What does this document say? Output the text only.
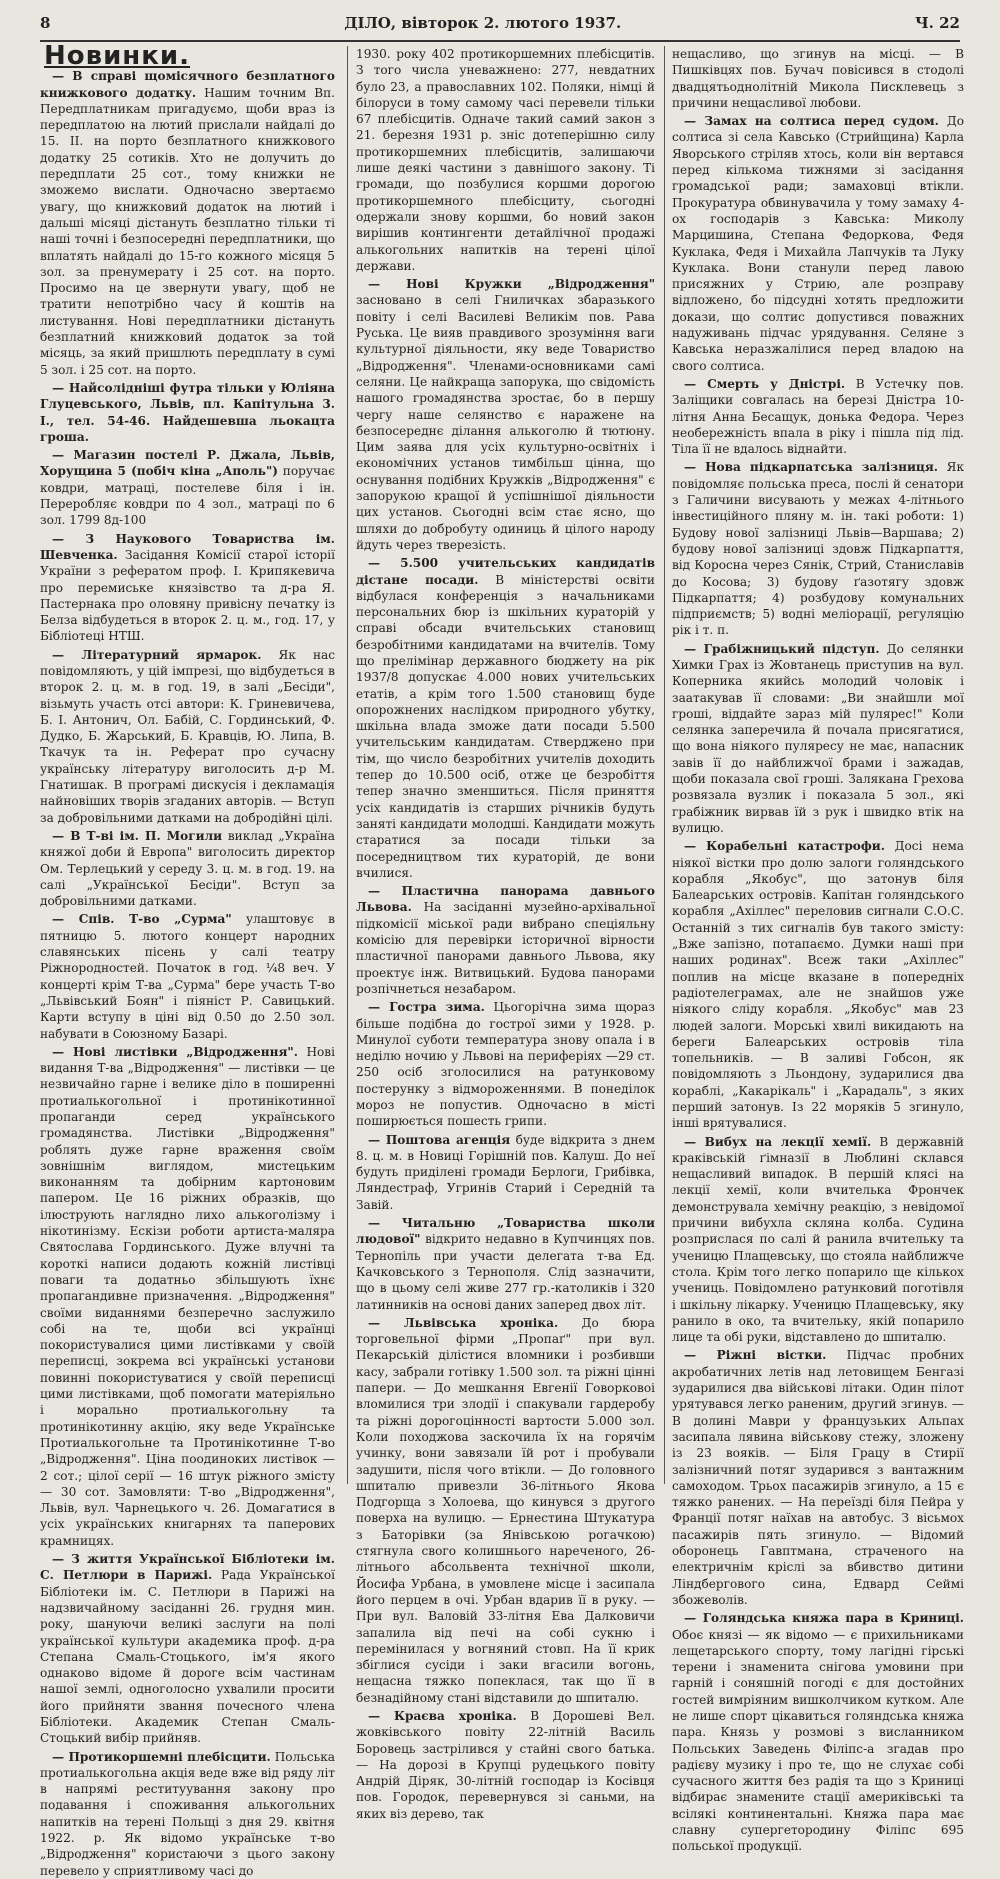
8	ДІЛО, вівторок 2. лютого 1937.	Ч. 22
Новинки.

— В справі щомісячного безплатного книжкового додатку. Нашим точним Вп. Передплатникам пригадуємо, щоби враз із передплатою на лютий прислали найдалі до 15. II. на порто безплатного книжкового додатку 25 сотиків. Хто не долучить до передплати 25 сот., тому книжки не зможемо вислати. Одночасно звертаємо увагу, що книжковий додаток на лютий і дальші місяці дістануть безплатно тільки ті наші точні і безпосередні передплатники, що вплатять найдалі до 15-го кожного місяця 5 зол. за пренумерату і 25 сот. на порто. Просимо на це звернути увагу, щоб не тратити непотрібно часу й коштів на листування. Нові передплатники дістануть безплатний книжковий додаток за той місяць, за який пришлють передплату в сумі 5 зол. і 25 сот. на порто.

— Найсолідніші футра тільки у Юліяна Глуцевського, Львів, пл. Капітульна 3. I., тел. 54-46. Найдешевша льокацта гроша.

— Магазин постелі Р. Джала, Львів, Хорущина 5 (побіч кіна „Аполь") поручає ковдри, матраці, постелеве біля і ін. Переробляє ковдри по 4 зол., матраці по 6 зол. 1799 8д-100

— З Наукового Товариства ім. Шевченка. Засідання Комісії старої історії України з рефератом проф. І. Крипякевича про перемиське князівство та д-ра Я. Пастернака про оловяну привісну печатку із Белза відбудеться в второк 2. ц. м., год. 17, у Бібліотеці НТШ.

— Літературний ярмарок. Як нас повідомляють, у цій імпрезі, що відбудеться в второк 2. ц. м. в год. 19, в залі „Бесіди", візьмуть участь отсі автори: К. Гриневичева, Б. І. Антонич, Ол. Бабій, С. Гординський, Ф. Дудко, Б. Жарський, Б. Кравців, Ю. Липа, В. Ткачук та ін. Реферат про сучасну українську літературу виголосить д-р М. Гнатишак. В програмі дискусія і декламація найновіших творів згаданих авторів. — Вступ за добровільними датками на добродійні цілі.

— В Т-ві ім. П. Могили виклад „Україна княжої доби й Европа" виголосить директор Ом. Терлецький у середу 3. ц. м. в год. 19. на салі „Української Бесіди". Вступ за добровільними датками.

— Спів. Т-во „Сурма" улаштовує в пятницю 5. лютого концерт народних славянських пісень у салі театру Ріжнородностей. Початок в год. ¼8 веч. У концерті крім Т-ва „Сурма" бере участь Т-во „Львівський Боян" і піяніст Р. Савицький. Карти вступу в ціні від 0.50 до 2.50 зол. набувати в Союзному Базарі.

— Нові листівки „Відродження". Нові видання Т-ва „Відродження" — листівки — це незвичайно гарне і велике діло в поширенні протиалькогольної і протинікотинної пропаганди серед українського громадянства. Листівки „Відродження" роблять дуже гарне враження своїм зовнішнім виглядом, мистецьким виконанням та добірним картоновим папером. Це 16 ріжних образків, що ілюструють наглядно лихо алькоголізму і нікотинізму. Ескізи роботи артиста-маляра Святослава Гординського. Дуже влучні та короткі написи додають кожній листівці поваги та додатньо збільшують їхнє пропагандивне призначення. „Відродження" своїми виданнями безперечно заслужило собі на те, щоби всі українці покористувалися цими листівками у своїй переписці, зокрема всі українські установи повинні покористуватися у своїй переписці цими листівками, щоб помогати матеріяльно і морально протиалькогольну та протинікотинну акцію, яку веде Українське Протиалькогольне та Протинікотинне Т-во „Відродження". Ціна поодиноких листівок — 2 сот.; цілої серії — 16 штук ріжного змісту — 30 сот. Замовляти: Т-во „Відродження", Львів, вул. Чарнецького ч. 26. Домагатися в усіх українських книгарнях та паперових крамницях.

— З життя Української Бібліотеки ім. С. Петлюри в Парижі. Рада Української Бібліотеки ім. С. Петлюри в Парижі на надзвичайному засіданні 26. грудня мин. року, шануючи великі заслуги на полі української культури академика проф. д-ра Степана Смаль-Стоцького, ім'я якого однаково відоме й дороге всім частинам нашої землі, одноголосно ухвалили просити його прийняти звання почесного члена Бібліотеки. Академик Степан Смаль-Стоцький вибір прийняв.

— Протикоршемні плебісцити. Польська протиалькогольна акція веде вже від ряду літ в напрямі реституування закону про подавання і споживання алькогольних напитків на терені Польщі з дня 29. квітня 1922. р. Як відомо українське т-во „Відродження" користаючи з цього закону перевело у сприятливому часі до

1930. року 402 протикоршемних плебісцитів. З того числа уневажнено: 277, невдатних було 23, а православних 102. Поляки, німці й білоруси в тому самому часі перевели тільки 67 плебісцитів. Одначе такий самий закон з 21. березня 1931 р. зніс дотеперішню силу протикоршемних плебісцитів, залишаючи лише деякі частини з давнішого закону. Ті громади, що позбулися коршми дорогою протикоршемного плебісциту, сьогодні одержали знову коршми, бо новий закон вирішив контингенти детайлічної продажі алькогольних напитків на терені цілої держави.

— Нові Кружки „Відродження" засновано в селі Гниличках збаразького повіту і селі Василеві Великім пов. Рава Руська. Це вияв правдивого зрозуміння ваги культурної діяльности, яку веде Товариство „Відродження". Членами-основниками самі селяни. Це найкраща запорука, що свідомість нашого громадянства зростає, бо в першу чергу наше селянство є наражене на безпосереднє ділання алькоголю й тютюну. Цим заява для усіх культурно-освітніх і економічних установ тимбільш цінна, що оснування подібних Кружків „Відродження" є запорукою кращої й успішнішої діяльности цих установ. Сьогодні всім стає ясно, що шляхи до добробуту одиниць й цілого народу йдуть через тверезість.

— 5.500 учительських кандидатів дістане посади. В міністерстві освіти відбулася конференція з начальниками персональних бюр із шкільних кураторій у справі обсади вчительських становищ безробітними кандидатами на вчителів. Тому що прелімінар державного бюджету на рік 1937/8 допускає 4.000 нових учительських етатів, а крім того 1.500 становищ буде опорожнених наслідком природного убутку, шкільна влада зможе дати посади 5.500 учительським кандидатам. Стверджено при тім, що число безробітних учителів доходить тепер до 10.500 осіб, отже це безробіття тепер значно зменшиться. Після приняття усіх кандидатів із старших річників будуть заняті кандидати молодші. Кандидати можуть старатися за посади тільки за посередництвом тих кураторій, де вони вчилися.

— Пластична панорама давнього Львова. На засіданні музейно-архівальної підкомісії міської ради вибрано спеціяльну комісію для перевірки історичної вірности пластичної панорами давнього Львова, яку проектує інж. Витвицький. Будова панорами розпічнеться незабаром.

— Гостра зима. Цьогорічна зима щораз більше подібна до гострої зими у 1928. р. Минулої суботи температура знову опала і в неділю ночию у Львові на периферіях —29 ст. 250 осіб зголосилися на ратунковому постерунку з відмороженнями. В понеділок мороз не попустив. Одночасно в місті поширюється пошесть грипи.

— Поштова агенція буде відкрита з днем 8. ц. м. в Новиці Горішній пов. Калуш. До неї будуть приділені громади Берлоги, Грибівка, Ляндестраф, Угринів Старий і Середній та Завій.

— Читальню „Товариства школи людової" відкрито недавно в Купчинцях пов. Тернопіль при участи делегата т-ва Ед. Качковського з Тернополя. Слід зазначити, що в цьому селі живе 277 гр.-католиків і 320 латинників на основі даних заперед двох літ.

— Львівська хроніка. До бюра торговельної фірми „Пропаґ" при вул. Пекарській ділістися вломники і розбивши касу, забрали готівку 1.500 зол. та ріжні цінні папери. — До мешкання Евгенії Говорковоі вломилися три злодії і спакували гардеробу та ріжні дорогоцінності вартости 5.000 зол. Коли походжова заскочила їх на горячім учинку, вони завязали їй рот і пробували задушити, після чого втікли. — До головного шпиталю привезли 36-літнього Якова Подгорща з Холоева, що кинувся з другого поверха на вулицю. — Ернестина Штукатура з Баторівки (за Янівською рогачкою) стягнула свого колишнього нареченого, 26-літнього абсольвента технічної школи, Йосифа Урбана, в умовлене місце і засипала його перцем в очі. Урбан вдарив її в руку. — При вул. Валовій 33-літня Ева Далковичи запалила від печі на собі сукню і перемінилася у вогняний стовп. На її крик збіглися сусіди і заки вгасили вогонь, нещасна тяжко попеклася, так що її в безнадійному стані відставили до шпиталю.

— Краєва хроніка. В Дорошеві Вел. жовківського повіту 22-літній Василь Боровець застрілився у стайні свого батька. — На дорозі в Крупці рудецького повіту Андрій Діряк, 30-літній господар із Косівця пов. Городок, перевернувся зі саньми, на яких віз дерево, так

нещасливо, що згинув на місці. — В Пишківцях пов. Бучач повісився в стодолі двадцятьоднолітній Микола Писклевець з причини нещасливої любови.

— Замах на солтиса перед судом. До солтиса зі села Кавсько (Стрийщина) Карла Яворського стріляв хтось, коли він вертався перед кількома тижнями зі засідання громадської ради; замаховці втікли. Прокуратура обвинувачила у тому замаху 4-ох господарів з Кавська: Миколу Марцишина, Степана Федоркова, Федя Куклака, Федя і Михайла Лапчуків та Луку Куклака. Вони станули перед лавою присяжних у Стрию, але розправу відложено, бо підсудні хотять предложити докази, що солтис допустився поважних надуживань підчас урядування. Селяне з Кавська неразжалілися перед владою на свого солтиса.

— Смерть у Дністрі. В Устечку пов. Заліщики совгалась на березі Дністра 10-літня Анна Бесащук, донька Федора. Через необережність впала в ріку і пішла під лід. Тіла її не вдалось віднайти.

— Нова підкарпатська залізниця. Як повідомляє польська преса, послі й сенатори з Галичини висувають у межах 4-літнього інвестиційного пляну м. ін. такі роботи: 1) Будову нової залізниці Львів—Варшава; 2) будову нової залізниці здовж Підкарпаття, від Коросна через Сянік, Стрий, Станиславів до Косова; 3) будову ґазотягу здовж Підкарпаття; 4) розбудову комунальних підприємств; 5) водні меліорації, регуляцію рік і т. п.

— Грабіжницький підступ. До селянки Химки Грах із Жовтанець приступив на вул. Коперника якийсь молодий чоловік і заатакував її словами: „Ви знайшли мої гроші, віддайте зараз мій пулярес!" Коли селянка заперечила й почала присягатися, що вона ніякого пуляресу не має, напасник завів її до найближчої брами і зажадав, щоби показала свої гроші. Залякана Грехова розвязала вузлик і показала 5 зол., які грабіжник вирвав їй з рук і швидко втік на вулицю.

— Корабельні катастрофи. Досі нема ніякої вістки про долю залоги голяндського корабля „Якобус", що затонув біля Балеарських островів. Капітан голяндського корабля „Ахіллес" переловив сигнали С.О.С. Останній з тих сигналів був такого змісту: „Вже запізно, потапаємо. Думки наші при наших родинах". Всеж таки „Ахіллес" поплив на місце вказане в попередніх радіотелеграмах, але не знайшов уже ніякого сліду корабля. „Якобус" мав 23 людей залоги. Морські хвилі викидають на береги Балеарських островів тіла топельників. — В заливі Гобсон, як повідомляють з Льондону, зударилися два кораблі, „Какарікаль" і „Карадаль", з яких перший затонув. Із 22 моряків 5 згинуло, інші врятувалися.

— Вибух на лекції хемії. В державній краківській ґімназії в Люблині склався нещасливий випадок. В першій клясі на лекції хемії, коли вчителька Фрончек демонструвала хемічну реакцію, з невідомої причини вибухла скляна колба. Судина розприслася по салі й ранила вчительку та ученицю Плащевську, що стояла найближче стола. Крім того легко попарило ще кількох учениць. Повідомлено ратунковий поготівля і шкільну лікарку. Ученицю Плащевську, яку ранило в око, та вчительку, якій попарило лице та обі руки, відставлено до шпиталю.

— Ріжні вістки. Підчас пробних акробатичних летів над летовищем Бенгазі зударилися два військові літаки. Один пілот урятувався легко раненим, другий згинув. — В долині Маври у французьких Альпах засипала лявина військову стежу, зложену із 23 вояків. — Біля Грацу в Стирії залізничний потяг зударився з вантажним самоходом. Трьох пасажирів згинуло, а 15 є тяжко ранених. — На переїзді біля Пейра у Франції потяг наїхав на автобус. З вісьмох пасажирів пять згинуло. — Відомий оборонець Гавптмана, страченого на електричнім кріслі за вбивство дитини Ліндбергового сина, Едвард Сеймі збожеволів.

— Голяндська княжа пара в Криниці. Обоє князі — як відомо — є прихильниками лещетарського спорту, тому лагідні гірські терени і знаменита снігова умовини при гарній і соняшній погоді є для достойних гостей вимріяним вишколчиком кутком. Але не лише спорт цікавиться голяндська княжа пара. Князь у розмові з висланником Польських Заведень Філіпс-а згадав про радієву музику і про те, що не слухає собі сучасного життя без радія та що з Криниці відбирає знамените стації америківські та всілякі континентальні. Княжа пара має славну супергетородину Філіпс 695 польської продукції.
